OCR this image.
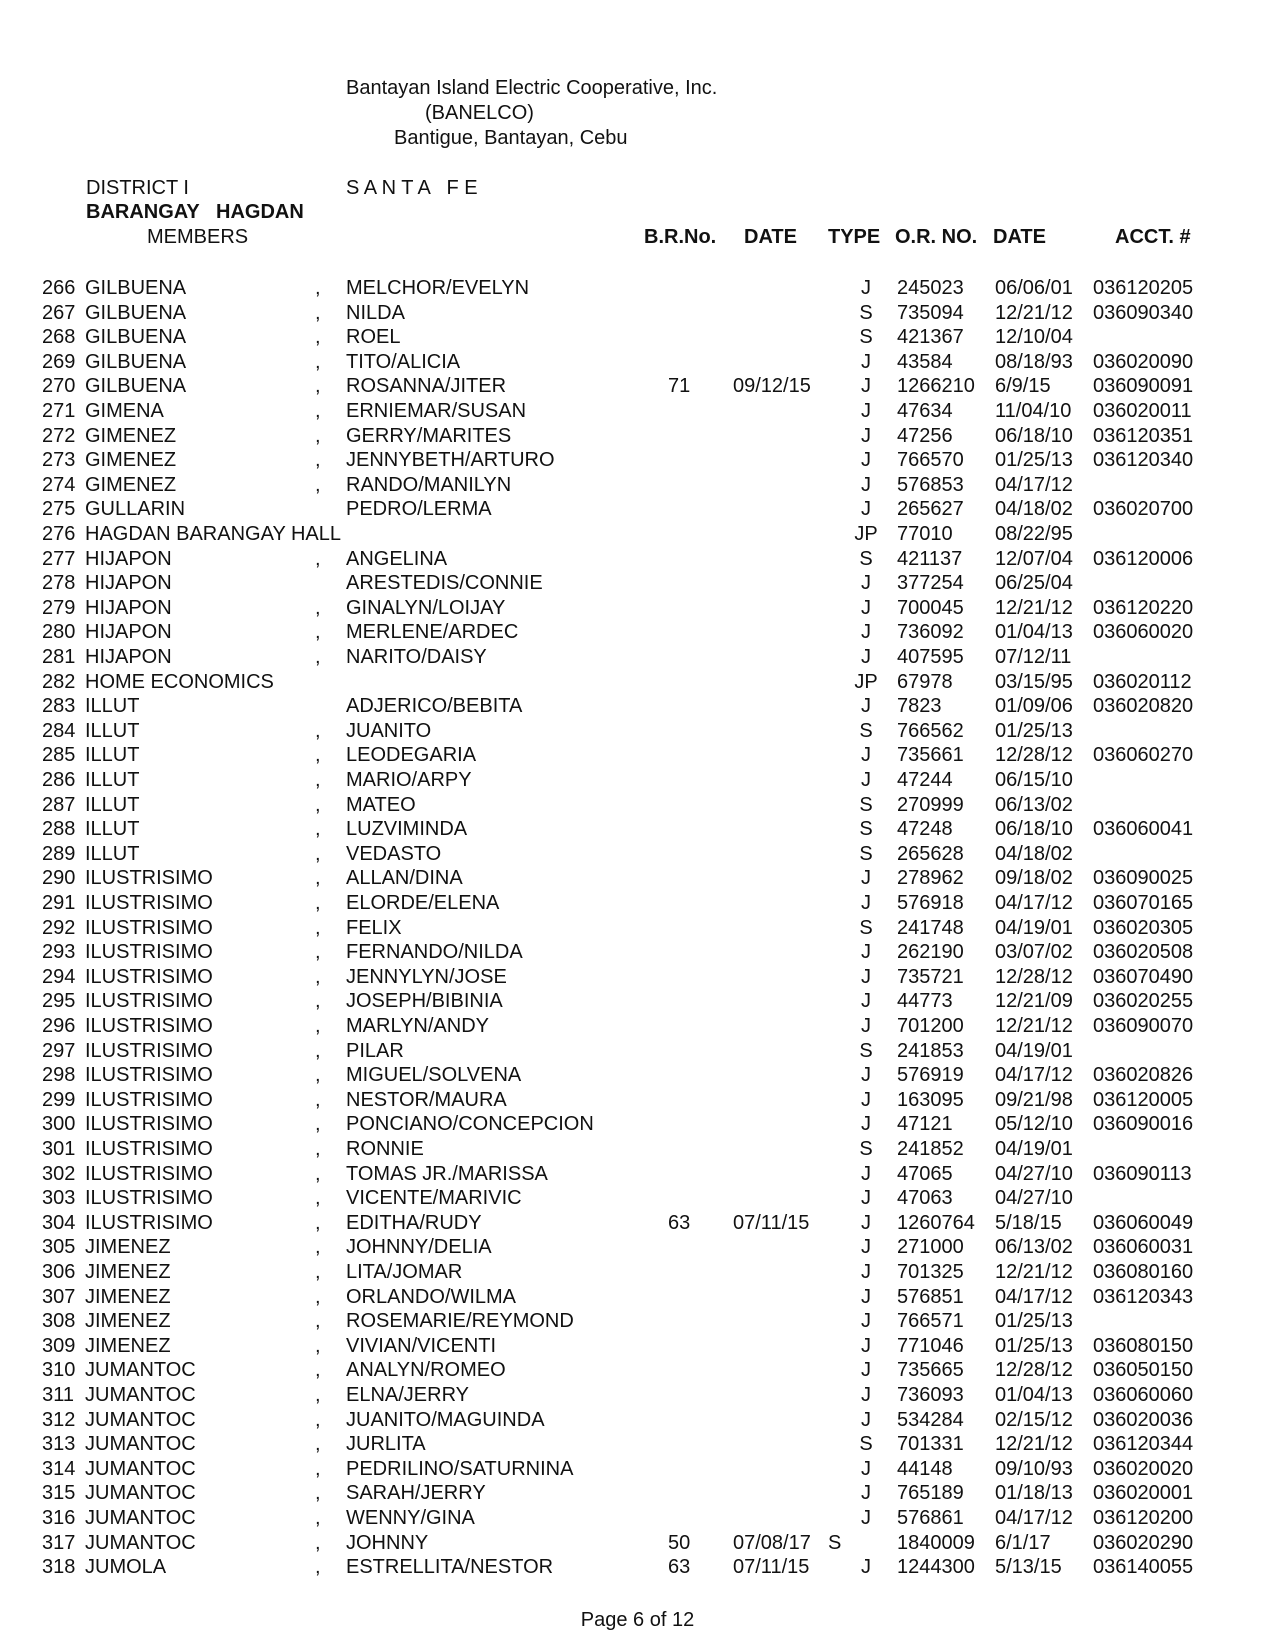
Bantayan Island Electric Cooperative, Inc.
(BANELCO)
Bantigue, Bantayan, Cebu
DISTRICT I	S A N T A   F E
BARANGAY   HAGDAN
MEMBERS	B.R.No. DATE TYPE O.R. NO. DATE	ACCT. #
266 GILBUENA	, MELCHOR/EVELYN	J	245023 06/06/01 036120205
267 GILBUENA	, NILDA	S	735094 12/21/12 036090340
268 GILBUENA	, ROEL	S	421367 12/10/04
269 GILBUENA	, TITO/ALICIA	J	43584 08/18/93 036020090
270 GILBUENA	, ROSANNA/JITER	71 09/12/15	J	1266210 6/9/15 036090091
271 GIMENA	, ERNIEMAR/SUSAN	J	47634 11/04/10 036020011
272 GIMENEZ	, GERRY/MARITES	J	47256 06/18/10 036120351
273 GIMENEZ	, JENNYBETH/ARTURO	J	766570 01/25/13 036120340
274 GIMENEZ	, RANDO/MANILYN	J	576853 04/17/12
275 GULLARIN	PEDRO/LERMA	J	265627 04/18/02 036020700
276 HAGDAN BARANGAY HALL	JP 77010 08/22/95
277 HIJAPON	, ANGELINA	S	421137 12/07/04 036120006
278 HIJAPON	ARESTEDIS/CONNIE	J	377254 06/25/04
279 HIJAPON	, GINALYN/LOIJAY	J	700045 12/21/12 036120220
280 HIJAPON	, MERLENE/ARDEC	J	736092 01/04/13 036060020
281 HIJAPON	, NARITO/DAISY	J	407595 07/12/11
282 HOME ECONOMICS	JP 67978 03/15/95 036020112
283 ILLUT	ADJERICO/BEBITA	J	7823	01/09/06 036020820
284 ILLUT	, JUANITO	S	766562 01/25/13
285 ILLUT	, LEODEGARIA	J	735661 12/28/12 036060270
286 ILLUT	, MARIO/ARPY	J	47244 06/15/10
287 ILLUT	, MATEO	S	270999 06/13/02
288 ILLUT	, LUZVIMINDA	S	47248 06/18/10 036060041
289 ILLUT	, VEDASTO	S	265628 04/18/02
290 ILUSTRISIMO	, ALLAN/DINA	J	278962 09/18/02 036090025
291 ILUSTRISIMO	, ELORDE/ELENA	J	576918 04/17/12 036070165
292 ILUSTRISIMO	, FELIX	S	241748 04/19/01 036020305
293 ILUSTRISIMO	, FERNANDO/NILDA	J	262190 03/07/02 036020508
294 ILUSTRISIMO	, JENNYLYN/JOSE	J	735721 12/28/12 036070490
295 ILUSTRISIMO	, JOSEPH/BIBINIA	J	44773 12/21/09 036020255
296 ILUSTRISIMO	, MARLYN/ANDY	J	701200 12/21/12 036090070
297 ILUSTRISIMO	, PILAR	S	241853 04/19/01
298 ILUSTRISIMO	, MIGUEL/SOLVENA	J	576919 04/17/12 036020826
299 ILUSTRISIMO	, NESTOR/MAURA	J	163095 09/21/98 036120005
300 ILUSTRISIMO	, PONCIANO/CONCEPCION	J	47121 05/12/10 036090016
301 ILUSTRISIMO	, RONNIE	S	241852 04/19/01
302 ILUSTRISIMO	, TOMAS JR./MARISSA	J	47065 04/27/10 036090113
303 ILUSTRISIMO	, VICENTE/MARIVIC	J	47063 04/27/10
304 ILUSTRISIMO	, EDITHA/RUDY	63 07/11/15	J	1260764 5/18/15 036060049
305 JIMENEZ	, JOHNNY/DELIA	J	271000 06/13/02 036060031
306 JIMENEZ	, LITA/JOMAR	J	701325 12/21/12 036080160
307 JIMENEZ	, ORLANDO/WILMA	J	576851 04/17/12 036120343
308 JIMENEZ	, ROSEMARIE/REYMOND	J	766571 01/25/13
309 JIMENEZ	, VIVIAN/VICENTI	J	771046 01/25/13 036080150
310 JUMANTOC	, ANALYN/ROMEO	J	735665 12/28/12 036050150
311 JUMANTOC	, ELNA/JERRY	J	736093 01/04/13 036060060
312 JUMANTOC	, JUANITO/MAGUINDA	J	534284 02/15/12 036020036
313 JUMANTOC	, JURLITA	S	701331 12/21/12 036120344
314 JUMANTOC	, PEDRILINO/SATURNINA	J	44148 09/10/93 036020020
315 JUMANTOC	, SARAH/JERRY	J	765189 01/18/13 036020001
316 JUMANTOC	, WENNY/GINA	J	576861 04/17/12 036120200
317 JUMANTOC	, JOHNNY	50 07/08/17 S	1840009 6/1/17 036020290
318 JUMOLA	, ESTRELLITA/NESTOR	63 07/11/15	J	1244300 5/13/15 036140055
Page 6 of 12
